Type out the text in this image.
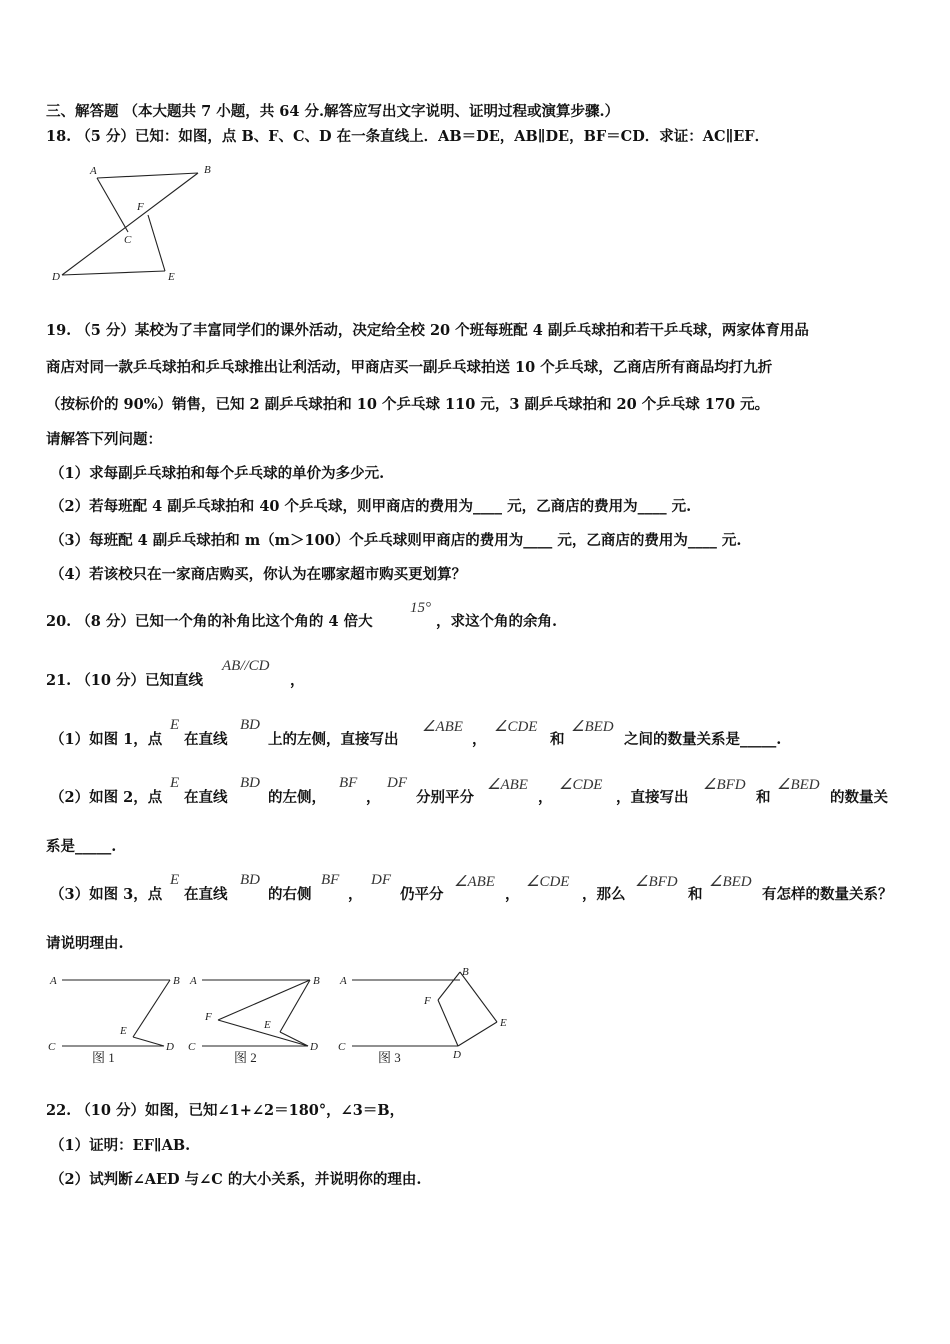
三、解答题 （本大题共 7 小题，共 64 分.解答应写出文字说明、证明过程或演算步骤.）
18. （5 分）已知：如图，点 B、F、C、D 在一条直线上．AB＝DE，AB∥DE，BF＝CD．求证：AC∥EF．
A	B
F
C
D	E
19. （5 分）某校为了丰富同学们的课外活动，决定给全校 20 个班每班配 4 副乒乓球拍和若干乒乓球，两家体育用品
商店对同一款乒乓球拍和乒乓球推出让利活动，甲商店买一副乒乓球拍送 10 个乒乓球，乙商店所有商品均打九折
（按标价的 90%）销售，已知 2 副乒乓球拍和 10 个乒乓球 110 元，3 副乒乓球拍和 20 个乒乓球 170 元。
请解答下列问题：
（1）求每副乒乓球拍和每个乒乓球的单价为多少元.
（2）若每班配 4 副乒乓球拍和 40 个乒乓球，则甲商店的费用为____ 元，乙商店的费用为____ 元.
（3）每班配 4 副乒乓球拍和 m（m＞100）个乒乓球则甲商店的费用为____ 元，乙商店的费用为____ 元.
（4）若该校只在一家商店购买，你认为在哪家超市购买更划算？
20. （8 分）已知一个角的补角比这个角的 4 倍大
15°
，求这个角的余角.
21. （10 分）已知直线
AB//CD
，
（1）如图 1，点
E
在直线
BD
上的左侧，直接写出
∠ABE
，
∠CDE
和
∠BED
之间的数量关系是_____.
（2）如图 2，点
E
在直线
BD
的左侧，
BF
，
DF
分别平分
∠ABE
，
∠CDE
，直接写出
∠BFD
和
∠BED
的数量关
系是_____.
（3）如图 3，点
E
在直线
BD
的右侧
BF
，
DF
仍平分
∠ABE
，
∠CDE
，那么
∠BFD
和
∠BED
有怎样的数量关系？
请说明理由.
A	B
E
C	D
图 1
A	B
F
E
C	D
图 2
A
B
F
E
C
D
图 3
22. （10 分）如图，已知∠1+∠2＝180°，∠3＝B，
（1）证明：EF∥AB.
（2）试判断∠AED 与∠C 的大小关系，并说明你的理由.
